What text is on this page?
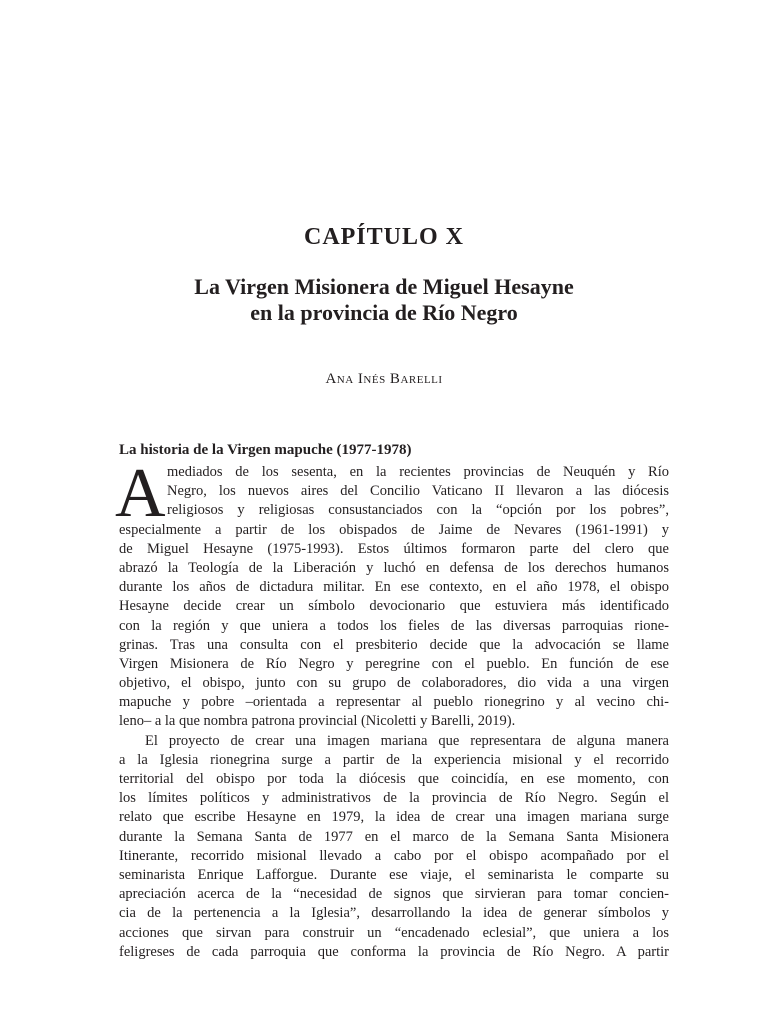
CAPÍTULO X
La Virgen Misionera de Miguel Hesayne
en la provincia de Río Negro
Ana Inés Barelli
La historia de la Virgen mapuche (1977-1978)
A mediados de los sesenta, en la recientes provincias de Neuquén y Río
Negro, los nuevos aires del Concilio Vaticano II llevaron a las diócesis
religiosos y religiosas consustanciados con la “opción por los pobres”,
especialmente a partir de los obispados de Jaime de Nevares (1961-1991) y
de Miguel Hesayne (1975-1993). Estos últimos formaron parte del clero que
abrazó la Teología de la Liberación y luchó en defensa de los derechos humanos
durante los años de dictadura militar. En ese contexto, en el año 1978, el obispo
Hesayne decide crear un símbolo devocionario que estuviera más identificado
con la región y que uniera a todos los fieles de las diversas parroquias rione-
grinas. Tras una consulta con el presbiterio decide que la advocación se llame
Virgen Misionera de Río Negro y peregrine con el pueblo. En función de ese
objetivo, el obispo, junto con su grupo de colaboradores, dio vida a una virgen
mapuche y pobre –orientada a representar al pueblo rionegrino y al vecino chi-
leno– a la que nombra patrona provincial (Nicoletti y Barelli, 2019).
El proyecto de crear una imagen mariana que representara de alguna manera
a la Iglesia rionegrina surge a partir de la experiencia misional y el recorrido
territorial del obispo por toda la diócesis que coincidía, en ese momento, con
los límites políticos y administrativos de la provincia de Río Negro. Según el
relato que escribe Hesayne en 1979, la idea de crear una imagen mariana surge
durante la Semana Santa de 1977 en el marco de la Semana Santa Misionera
Itinerante, recorrido misional llevado a cabo por el obispo acompañado por el
seminarista Enrique Lafforgue. Durante ese viaje, el seminarista le comparte su
apreciación acerca de la “necesidad de signos que sirvieran para tomar concien-
cia de la pertenencia a la Iglesia”, desarrollando la idea de generar símbolos y
acciones que sirvan para construir un “encadenado eclesial”, que uniera a los
feligreses de cada parroquia que conforma la provincia de Río Negro. A partir
